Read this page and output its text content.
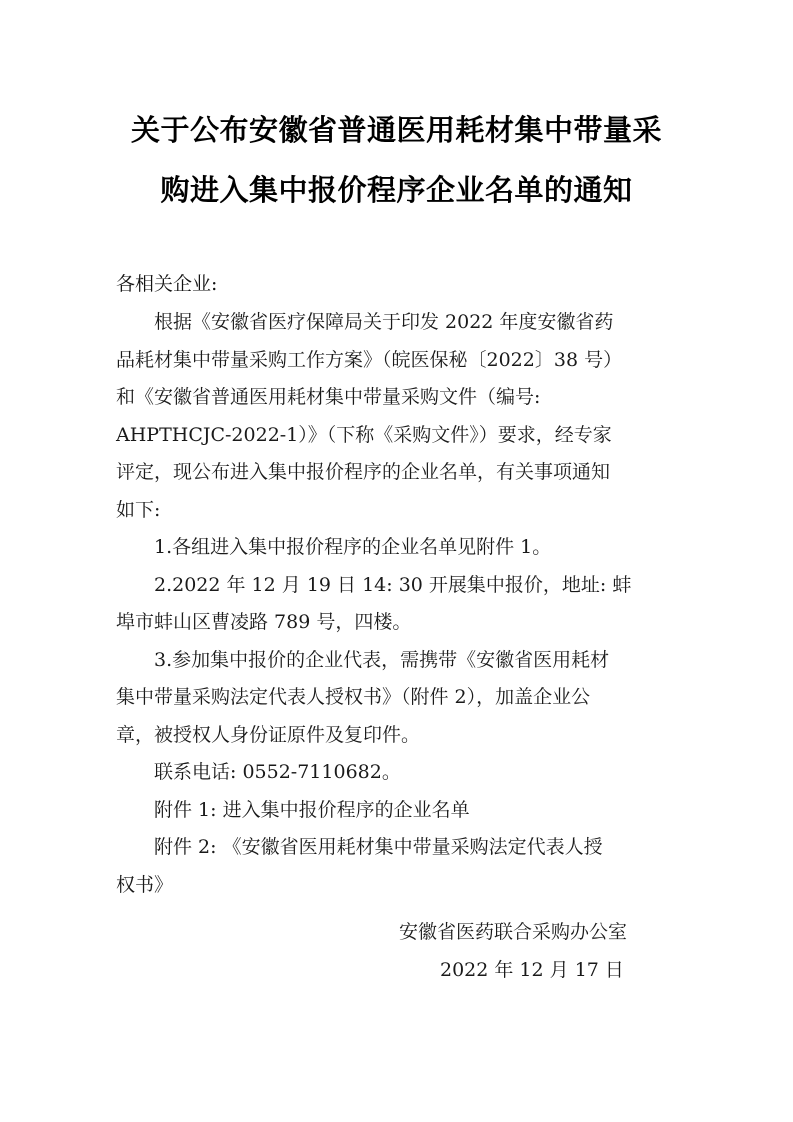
关于公布安徽省普通医用耗材集中带量采
购进入集中报价程序企业名单的通知
各相关企业:
根据《安徽省医疗保障局关于印发 2022 年度安徽省药
品耗材集中带量采购工作方案》（皖医保秘〔2022〕38 号）
和《安徽省普通医用耗材集中带量采购文件（编号:
AHPTHCJC-2022-1）》（下称《采购文件》）要求，经专家
评定，现公布进入集中报价程序的企业名单，有关事项通知
如下:
1.各组进入集中报价程序的企业名单见附件 1。
2.2022 年 12 月 19 日 14: 30 开展集中报价，地址: 蚌
埠市蚌山区曹凌路 789 号，四楼。
3.参加集中报价的企业代表，需携带《安徽省医用耗材
集中带量采购法定代表人授权书》（附件 2），加盖企业公
章，被授权人身份证原件及复印件。
联系电话: 0552-7110682。
附件 1: 进入集中报价程序的企业名单
附件 2: 《安徽省医用耗材集中带量采购法定代表人授
权书》
安徽省医药联合采购办公室
2022 年 12 月 17 日
